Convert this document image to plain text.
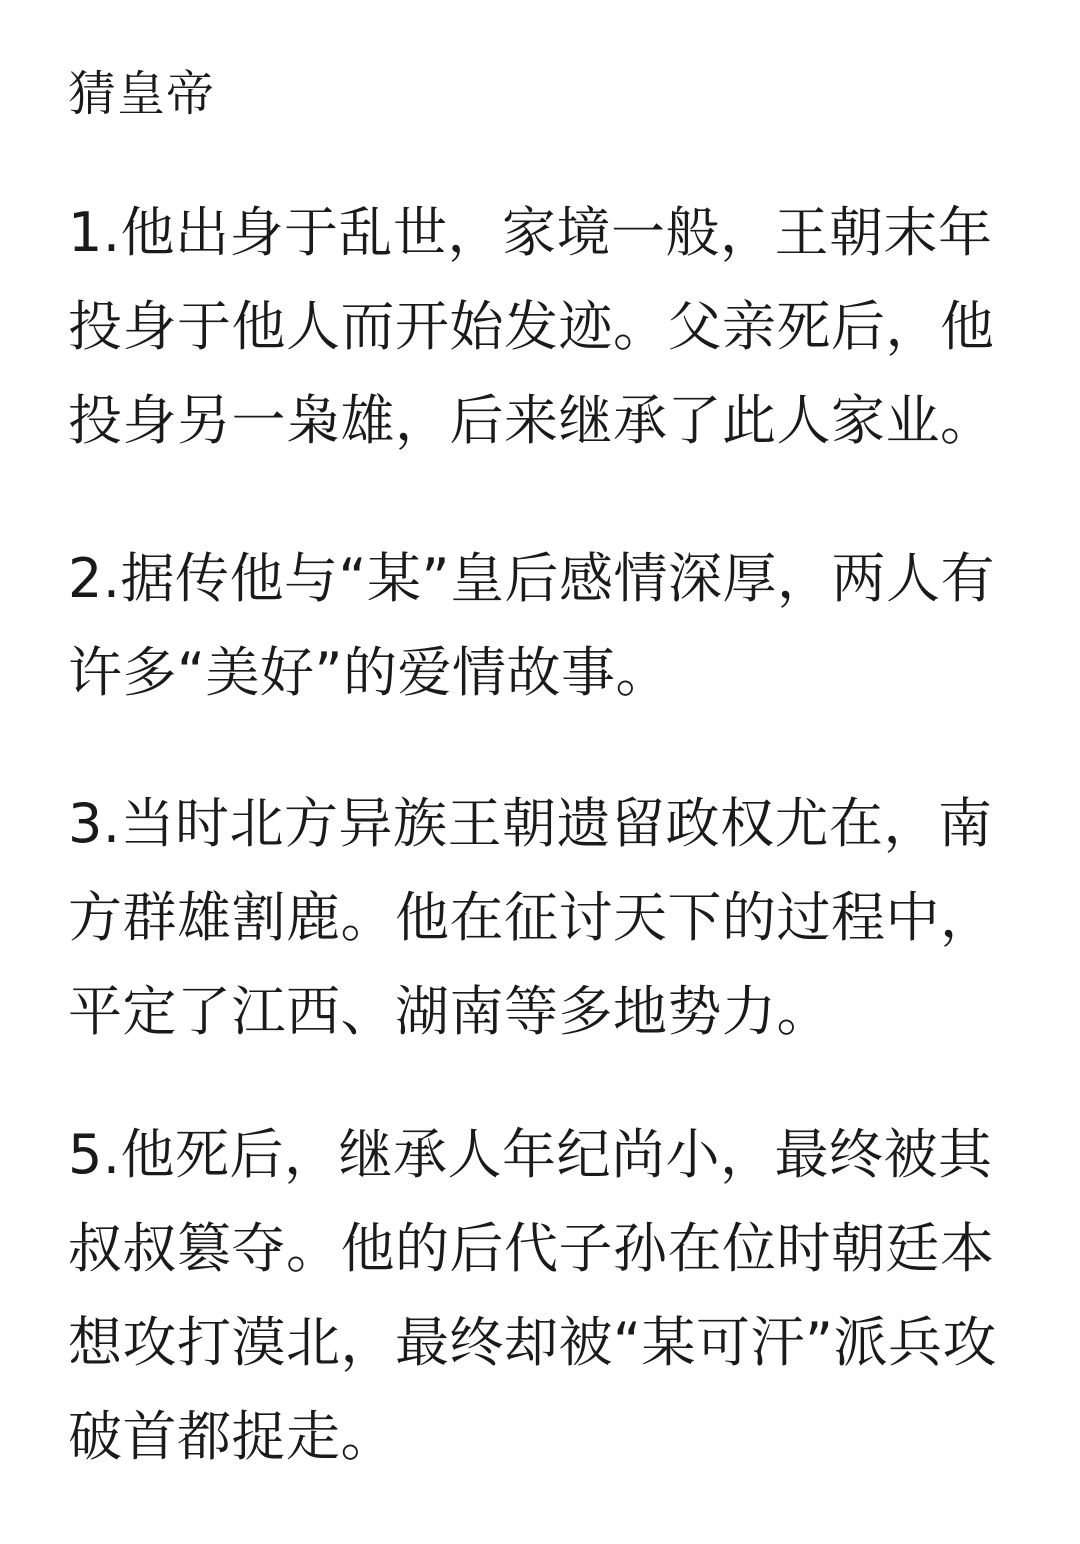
猜皇帝
1.他出身于乱世，家境一般，王朝末年
投身于他人而开始发迹。父亲死后，他
投身另一枭雄，后来继承了此人家业。
2.据传他与“某”皇后感情深厚，两人有
许多“美好”的爱情故事。
3.当时北方异族王朝遗留政权尤在，南
方群雄割鹿。他在征讨天下的过程中，
平定了江西、湖南等多地势力。
5.他死后，继承人年纪尚小，最终被其
叔叔篡夺。他的后代子孙在位时朝廷本
想攻打漠北，最终却被“某可汗”派兵攻
破首都捉走。
